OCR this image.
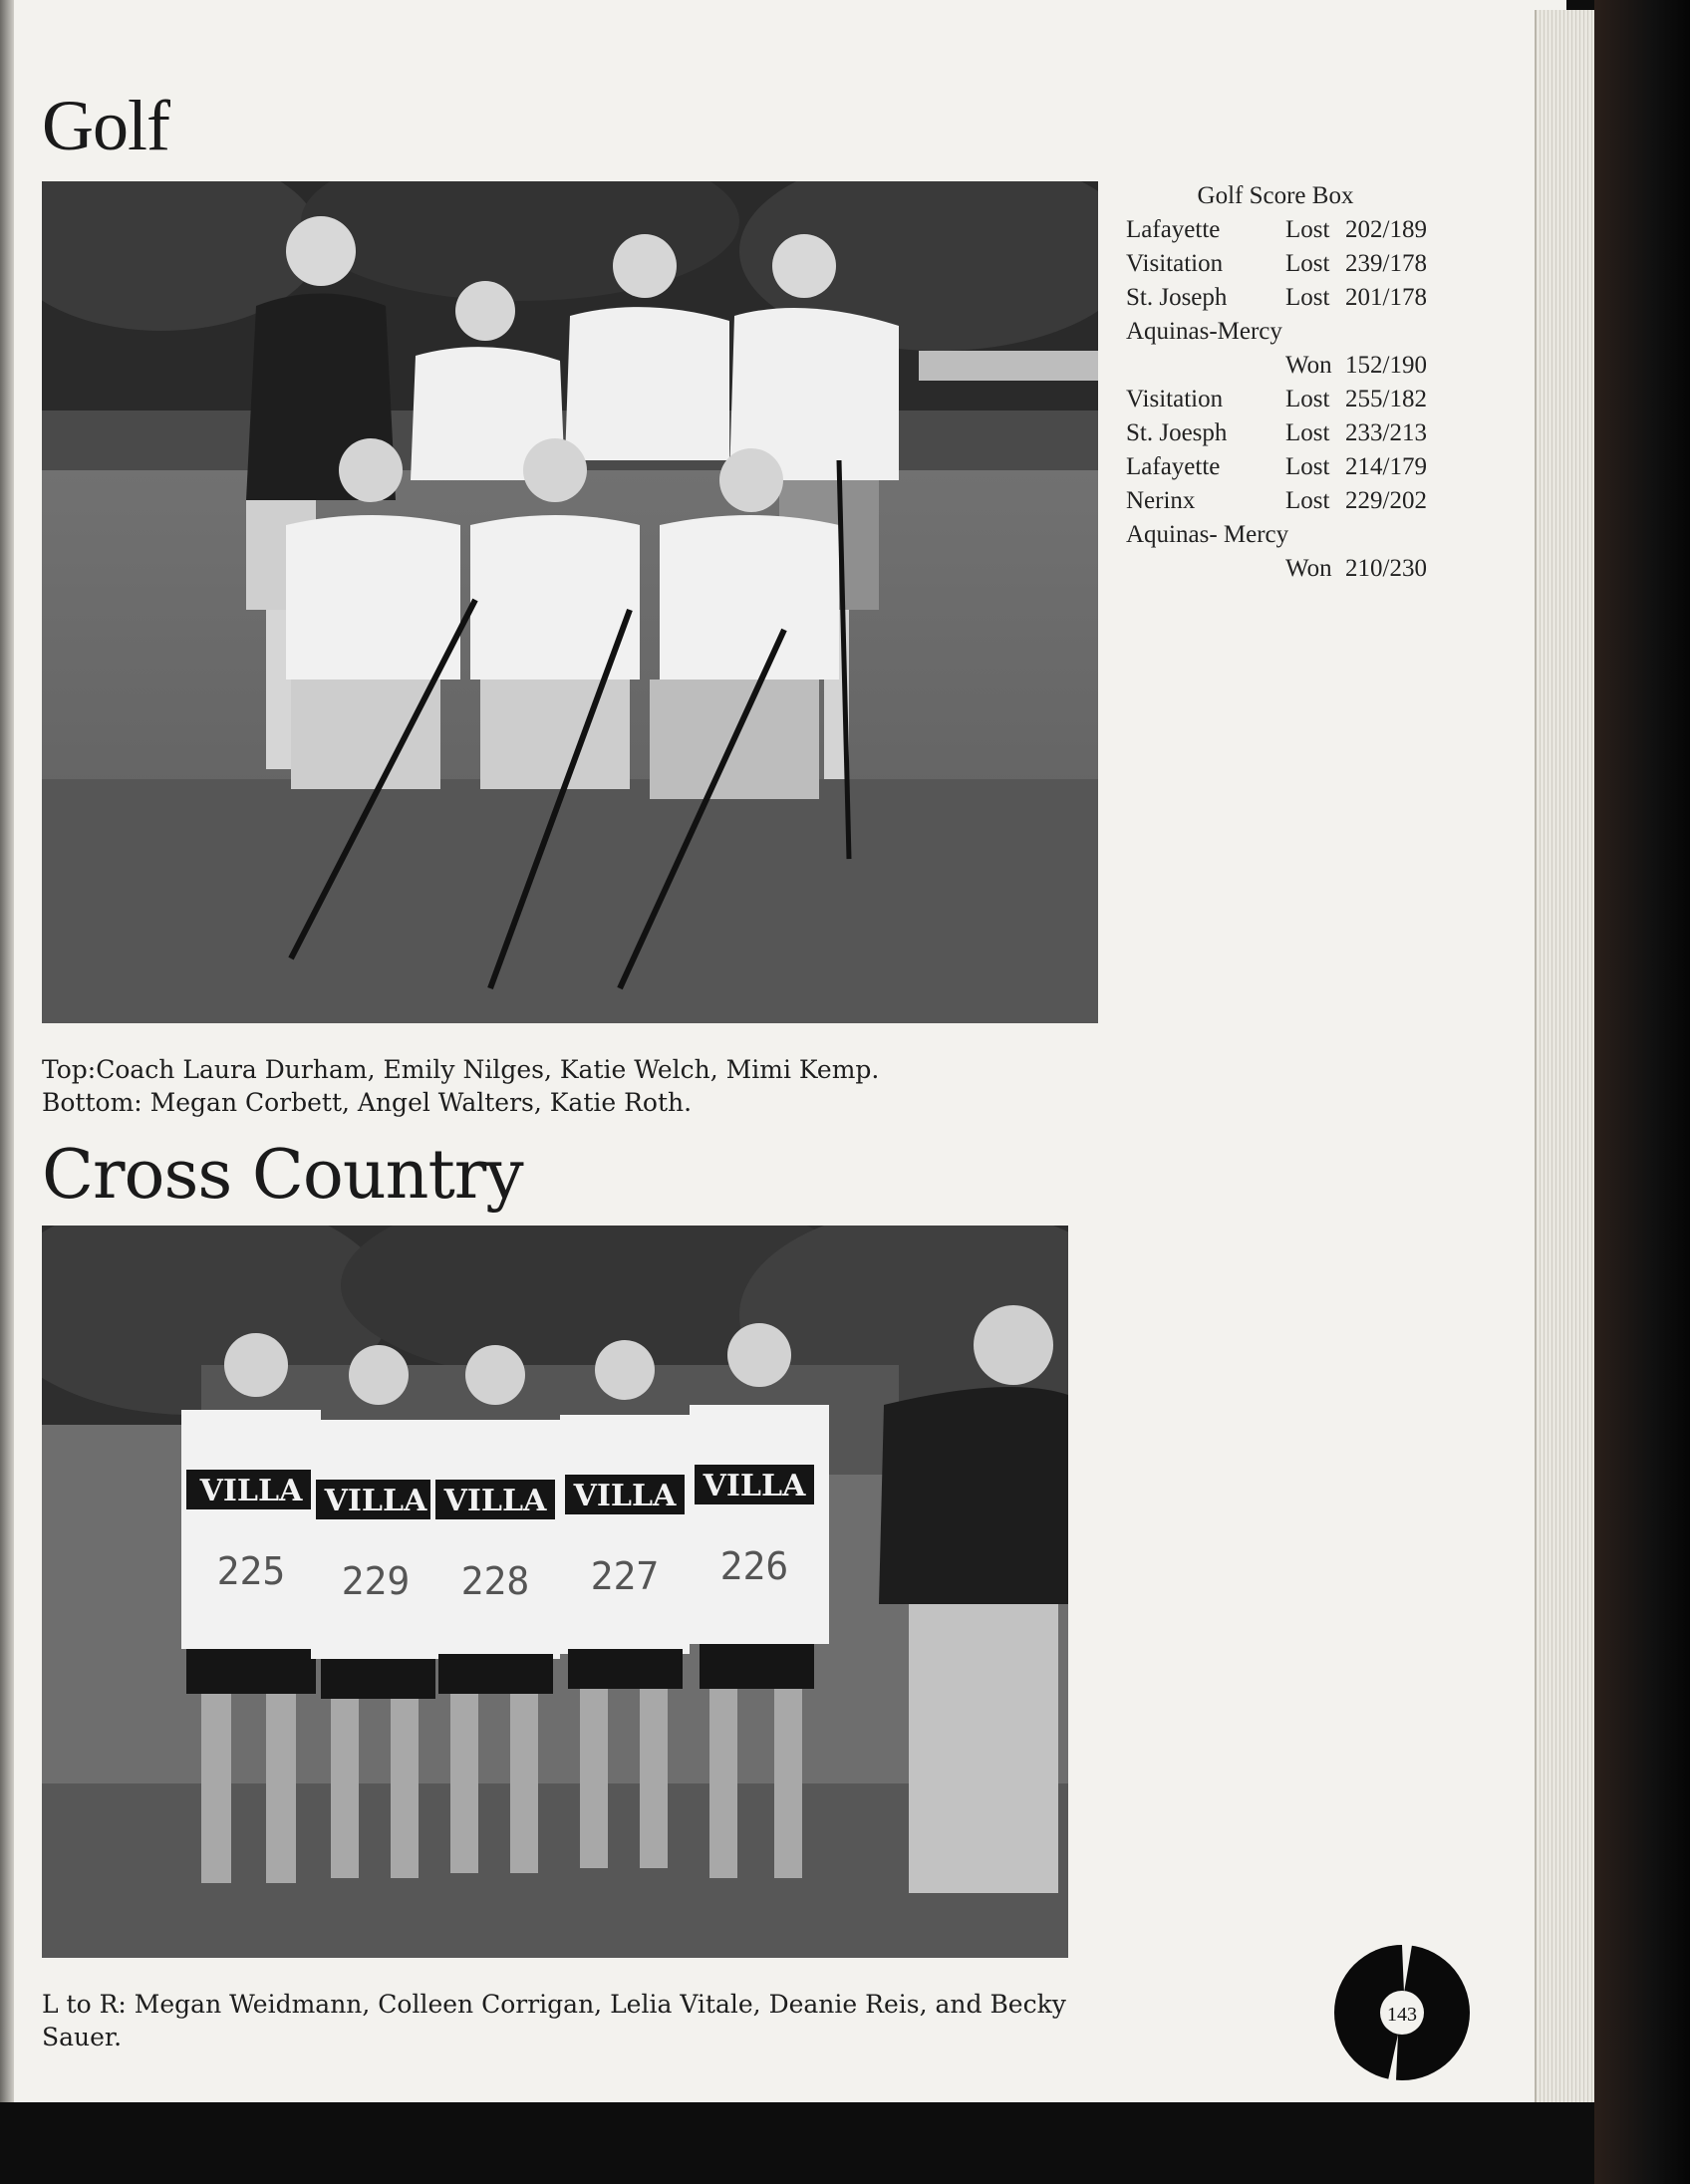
Golf
Top:Coach Laura Durham, Emily Nilges, Katie Welch, Mimi Kemp.
Bottom: Megan Corbett, Angel Walters, Katie Roth.
Golf Score Box
Lafayette	Lost 202/189
Visitation	Lost 239/178
St. Joseph	Lost 201/178
Aquinas-Mercy
Won 152/190
Visitation	Lost 255/182
St. Joesph	Lost 233/213
Lafayette	Lost 214/179
Nerinx	Lost 229/202
Aquinas- Mercy
Won 210/230
Cross Country
VILLA VILLA VILLA VILLA VILLA
225 229 228 227 226
L to R: Megan Weidmann, Colleen Corrigan, Lelia Vitale, Deanie Reis, and Becky Sauer.
143
